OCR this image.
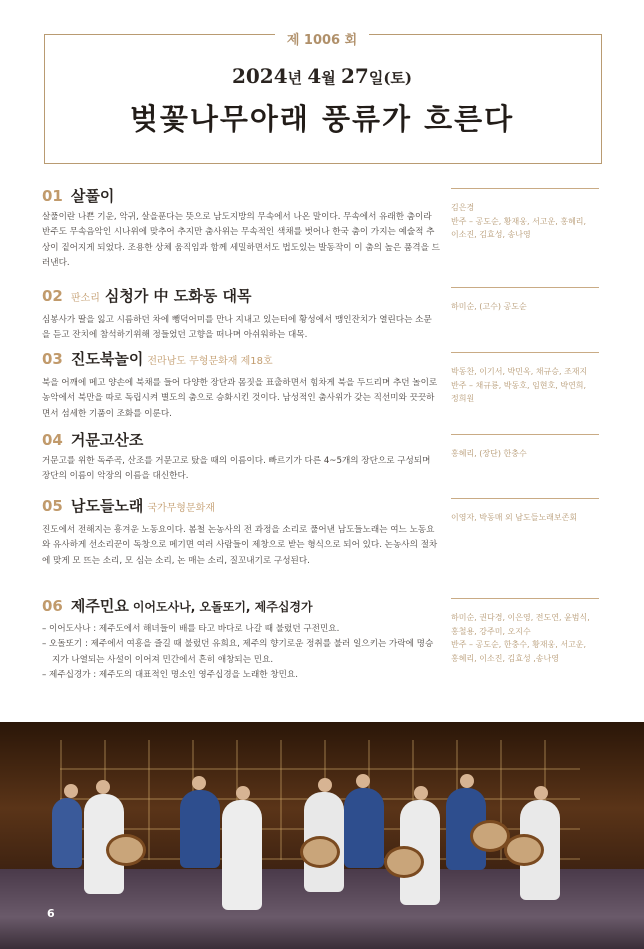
제 1006 회
2024년 4월 27일(토)
벚꽃나무아래 풍류가 흐른다
01 살풀이

살풀이란 나쁜 기운, 악귀, 살을푼다는 뜻으로 남도지방의 무속에서 나온 말이다. 무속에서 유래한 춤이라 반주도 무속음악인 시나위에 맞추어 추지만 춤사위는 무속적인 색채를 벗어나 한국 춤이 가지는 예술적 추상이 짙어지게 되었다. 조용한 상체 움직임과 함께 세밀하면서도 법도있는 발동작이 이 춤의 높은 품격을 드러낸다.

김은경
반주 – 공도순, 황재웅, 서고운, 홍혜리,
이소진, 김효성, 송나영
02 판소리 심청가 中 도화동 대목

심봉사가 딸을 잃고 시름하던 차에 뺑덕어미를 만나 지내고 있는터에 황성에서 맹인잔치가 열린다는 소문을 듣고 잔치에 참석하기위해 정들었던 고향을 떠나며 아쉬워하는 대목.

하미순, (고수) 공도순
03 진도북놀이 전라남도 무형문화재 제18호

북을 어깨에 메고 양손에 북채를 들어 다양한 장단과 몸짓을 표출하면서 힘차게 북을 두드리며 추던 놀이로 농악에서 북만을 따로 독립시켜 별도의 춤으로 승화시킨 것이다. 남성적인 춤사위가 갖는 직선미와 끗끗하면서 섬세한 기품이 조화를 이룬다.

박동찬, 이기서, 박민옥, 채규승, 조재지
반주 – 채규룡, 박동호, 임현호, 박연희,
정희원
04 거문고산조

거문고를 위한 독주곡, 산조를 거문고로 탔을 때의 이름이다. 빠르기가 다른 4~5개의 장단으로 구성되며 장단의 이름이 악장의 이름을 대신한다.

홍혜리, (장단) 한충수
05 남도들노래 국가무형문화재

진도에서 전해지는 흥겨운 노동요이다. 봄철 논농사의 전 과정을 소리로 풀어낸 남도들노래는 여느 노동요와 유사하게 선소리꾼이 독창으로 메기면 여러 사람들이 제창으로 받는 형식으로 되어 있다. 논농사의 절차에 맞게 모 뜨는 소리, 모 심는 소리, 논 매는 소리, 질꼬내기로 구성된다.

이영자, 박동매 외 남도들노래보존회
06 제주민요 이어도사나, 오돌또기, 제주십경가
– 이어도사나 : 제주도에서 해녀들이 배를 타고 바다로 나갈 때 불렀던 구전민요.
– 오돌또기 : 제주에서 여흥을 즐길 때 불렀던 유희요, 제주의 향기로운 정취를 불러 일으키는 가락에 명승지가 나열되는 사설이 이어져 민간에서 흔히 애창되는 민요.
– 제주십경가 : 제주도의 대표적인 명소인 영주십경을 노래한 창민요.
하미순, 권다경, 이은영, 전도연, 윤범식,
홍철용, 강주미, 오지수
반주 – 공도순, 한충수, 황재웅, 서고운,
홍혜리, 이소진, 김효성 ,송나영
6
